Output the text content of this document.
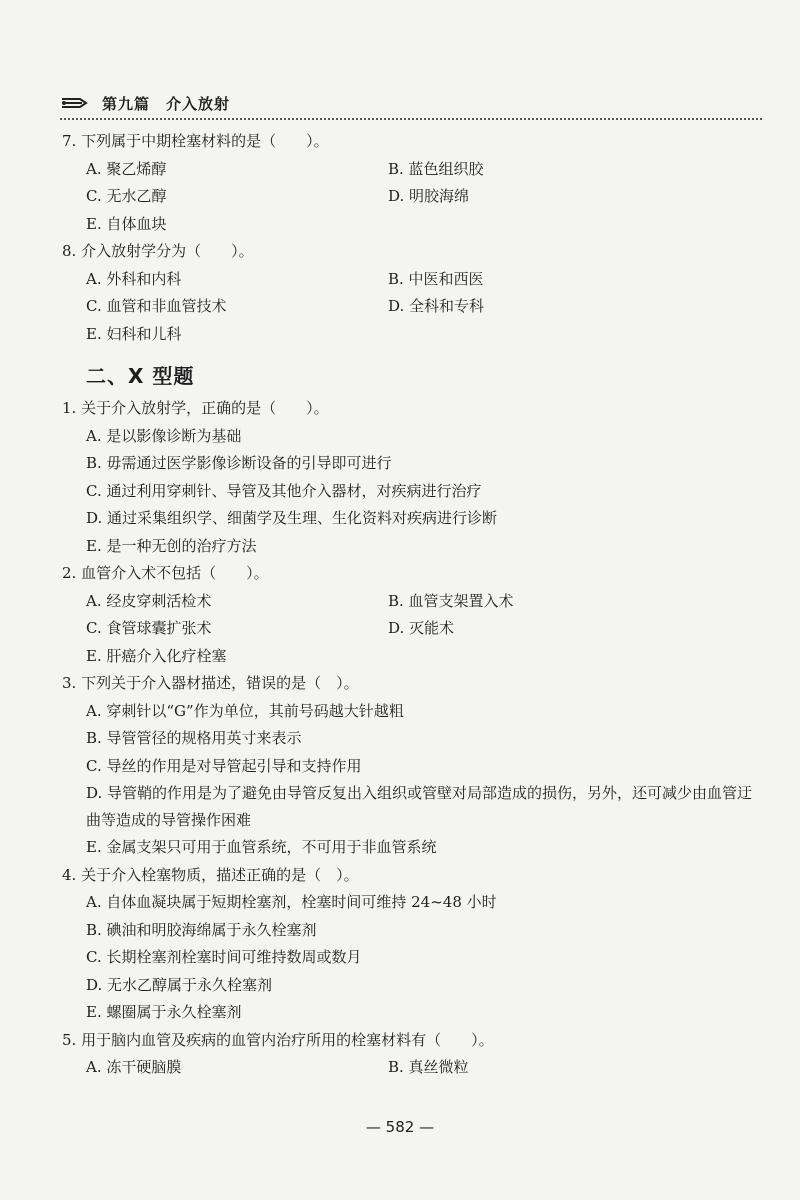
第九篇　介入放射
7. 下列属于中期栓塞材料的是（　　）。
A. 聚乙烯醇	B. 蓝色组织胶
C. 无水乙醇	D. 明胶海绵
E. 自体血块
8. 介入放射学分为（　　）。
A. 外科和内科	B. 中医和西医
C. 血管和非血管技术	D. 全科和专科
E. 妇科和儿科
二、X 型题
1. 关于介入放射学，正确的是（　　）。
A. 是以影像诊断为基础
B. 毋需通过医学影像诊断设备的引导即可进行
C. 通过利用穿刺针、导管及其他介入器材，对疾病进行治疗
D. 通过采集组织学、细菌学及生理、生化资料对疾病进行诊断
E. 是一种无创的治疗方法
2. 血管介入术不包括（　　）。
A. 经皮穿刺活检术	B. 血管支架置入术
C. 食管球囊扩张术	D. 灭能术
E. 肝癌介入化疗栓塞
3. 下列关于介入器材描述，错误的是（　）。
A. 穿刺针以“G”作为单位，其前号码越大针越粗
B. 导管管径的规格用英寸来表示
C. 导丝的作用是对导管起引导和支持作用
D. 导管鞘的作用是为了避免由导管反复出入组织或管壁对局部造成的损伤，另外，还可减少由血管迂曲等造成的导管操作困难
E. 金属支架只可用于血管系统，不可用于非血管系统
4. 关于介入栓塞物质，描述正确的是（　）。
A. 自体血凝块属于短期栓塞剂，栓塞时间可维持 24~48 小时
B. 碘油和明胶海绵属于永久栓塞剂
C. 长期栓塞剂栓塞时间可维持数周或数月
D. 无水乙醇属于永久栓塞剂
E. 螺圈属于永久栓塞剂
5. 用于脑内血管及疾病的血管内治疗所用的栓塞材料有（　　）。
A. 冻干硬脑膜	B. 真丝微粒
— 582 —
